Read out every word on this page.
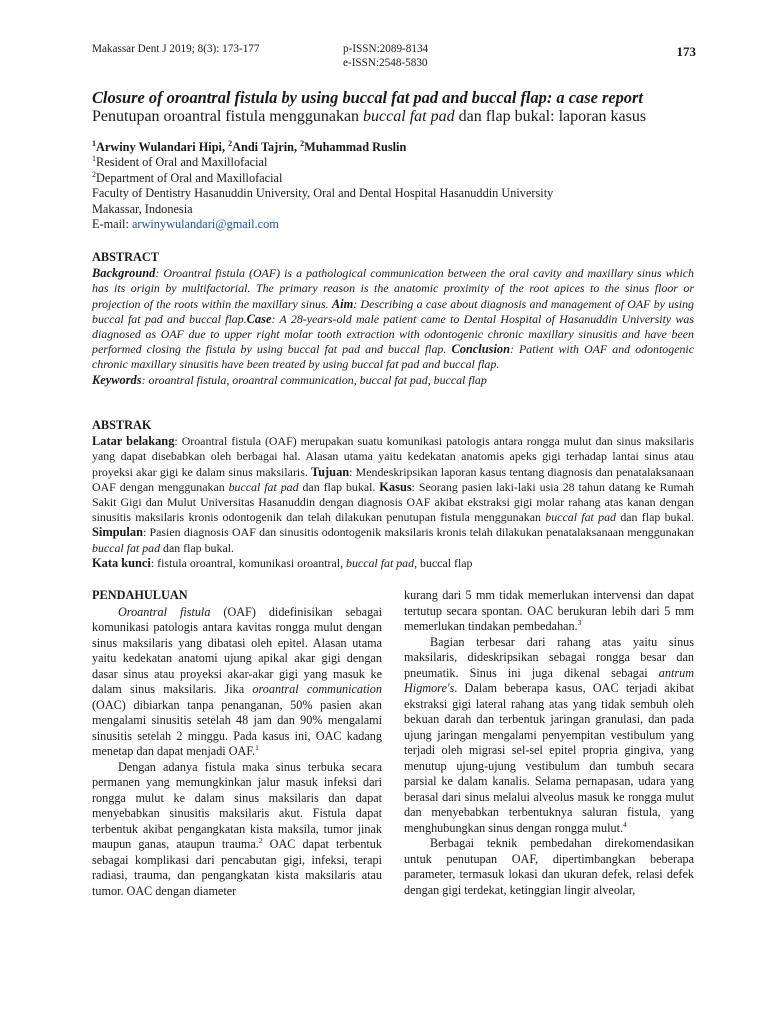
Makassar Dent J 2019; 8(3): 173-177	p-ISSN:2089-8134
e-ISSN:2548-5830
173
Closure of oroantral fistula by using buccal fat pad and buccal flap: a case report
Penutupan oroantral fistula menggunakan buccal fat pad dan flap bukal: laporan kasus
$^1$Arwiny Wulandari Hipi, $^2$Andi Tajrin, $^2$Muhammad Ruslin
$^1$Resident of Oral and Maxillofacial
$^2$Department of Oral and Maxillofacial
Faculty of Dentistry Hasanuddin University, Oral and Dental Hospital Hasanuddin University
Makassar, Indonesia
E-mail: arwinywulandari@gmail.com
ABSTRACT

Background: Oroantral fistula (OAF) is a pathological communication between the oral cavity and maxillary sinus which has its origin by multifactorial. The primary reason is the anatomic proximity of the root apices to the sinus floor or projection of the roots within the maxillary sinus. Aim: Describing a case about diagnosis and management of OAF by using buccal fat pad and buccal flap.Case: A 28-years-old male patient came to Dental Hospital of Hasanuddin University was diagnosed as OAF due to upper right molar tooth extraction with odontogenic chronic maxillary sinusitis and have been performed closing the fistula by using buccal fat pad and buccal flap. Conclusion: Patient with OAF and odontogenic chronic maxillary sinusitis have been treated by using buccal fat pad and buccal flap.

Keywords: oroantral fistula, oroantral communication, buccal fat pad, buccal flap

ABSTRAK

Latar belakang: Oroantral fistula (OAF) merupakan suatu komunikasi patologis antara rongga mulut dan sinus maksilaris yang dapat disebabkan oleh berbagai hal. Alasan utama yaitu kedekatan anatomis apeks gigi terhadap lantai sinus atau proyeksi akar gigi ke dalam sinus maksilaris. Tujuan: Mendeskripsikan laporan kasus tentang diagnosis dan penatalaksanaan OAF dengan menggunakan buccal fat pad dan flap bukal. Kasus: Seorang pasien laki-laki usia 28 tahun datang ke Rumah Sakit Gigi dan Mulut Universitas Hasanuddin dengan diagnosis OAF akibat ekstraksi gigi molar rahang atas kanan dengan sinusitis maksilaris kronis odontogenik dan telah dilakukan penutupan fistula menggunakan buccal fat pad dan flap bukal. Simpulan: Pasien diagnosis OAF dan sinusitis odontogenik maksilaris kronis telah dilakukan penatalaksanaan menggunakan buccal fat pad dan flap bukal.

Kata kunci: fistula oroantral, komunikasi oroantral, buccal fat pad, buccal flap

PENDAHULUAN

Oroantral fistula (OAF) didefinisikan sebagai komunikasi patologis antara kavitas rongga mulut dengan sinus maksilaris yang dibatasi oleh epitel. Alasan utama yaitu kedekatan anatomi ujung apikal akar gigi dengan dasar sinus atau proyeksi akar-akar gigi yang masuk ke dalam sinus maksilaris. Jika oroantral communication (OAC) dibiarkan tanpa penanganan, 50% pasien akan mengalami sinusitis setelah 48 jam dan 90% mengalami sinusitis setelah 2 minggu. Pada kasus ini, OAC kadang menetap dan dapat menjadi OAF.$^1$

Dengan adanya fistula maka sinus terbuka secara permanen yang memungkinkan jalur masuk infeksi dari rongga mulut ke dalam sinus maksilaris dan dapat menyebabkan sinusitis maksilaris akut. Fistula dapat terbentuk akibat pengangkatan kista maksila, tumor jinak maupun ganas, ataupun trauma.$^2$ OAC dapat terbentuk sebagai komplikasi dari pencabutan gigi, infeksi, terapi radiasi, trauma, dan pengangkatan kista maksilaris atau tumor. OAC dengan diameter

kurang dari 5 mm tidak memerlukan intervensi dan dapat tertutup secara spontan. OAC berukuran lebih dari 5 mm memerlukan tindakan pembedahan.$^3$

Bagian terbesar dari rahang atas yaitu sinus maksilaris, dideskripsikan sebagai rongga besar dan pneumatik. Sinus ini juga dikenal sebagai antrum Higmore's. Dalam beberapa kasus, OAC terjadi akibat ekstraksi gigi lateral rahang atas yang tidak sembuh oleh bekuan darah dan terbentuk jaringan granulasi, dan pada ujung jaringan mengalami penyempitan vestibulum yang terjadi oleh migrasi sel-sel epitel propria gingiva, yang menutup ujung-ujung vestibulum dan tumbuh secara parsial ke dalam kanalis. Selama pernapasan, udara yang berasal dari sinus melalui alveolus masuk ke rongga mulut dan menyebabkan terbentuknya saluran fistula, yang menghubungkan sinus dengan rongga mulut.$^4$

Berbagai teknik pembedahan direkomendasikan untuk penutupan OAF, dipertimbangkan beberapa parameter, termasuk lokasi dan ukuran defek, relasi defek dengan gigi terdekat, ketinggian lingir alveolar,
